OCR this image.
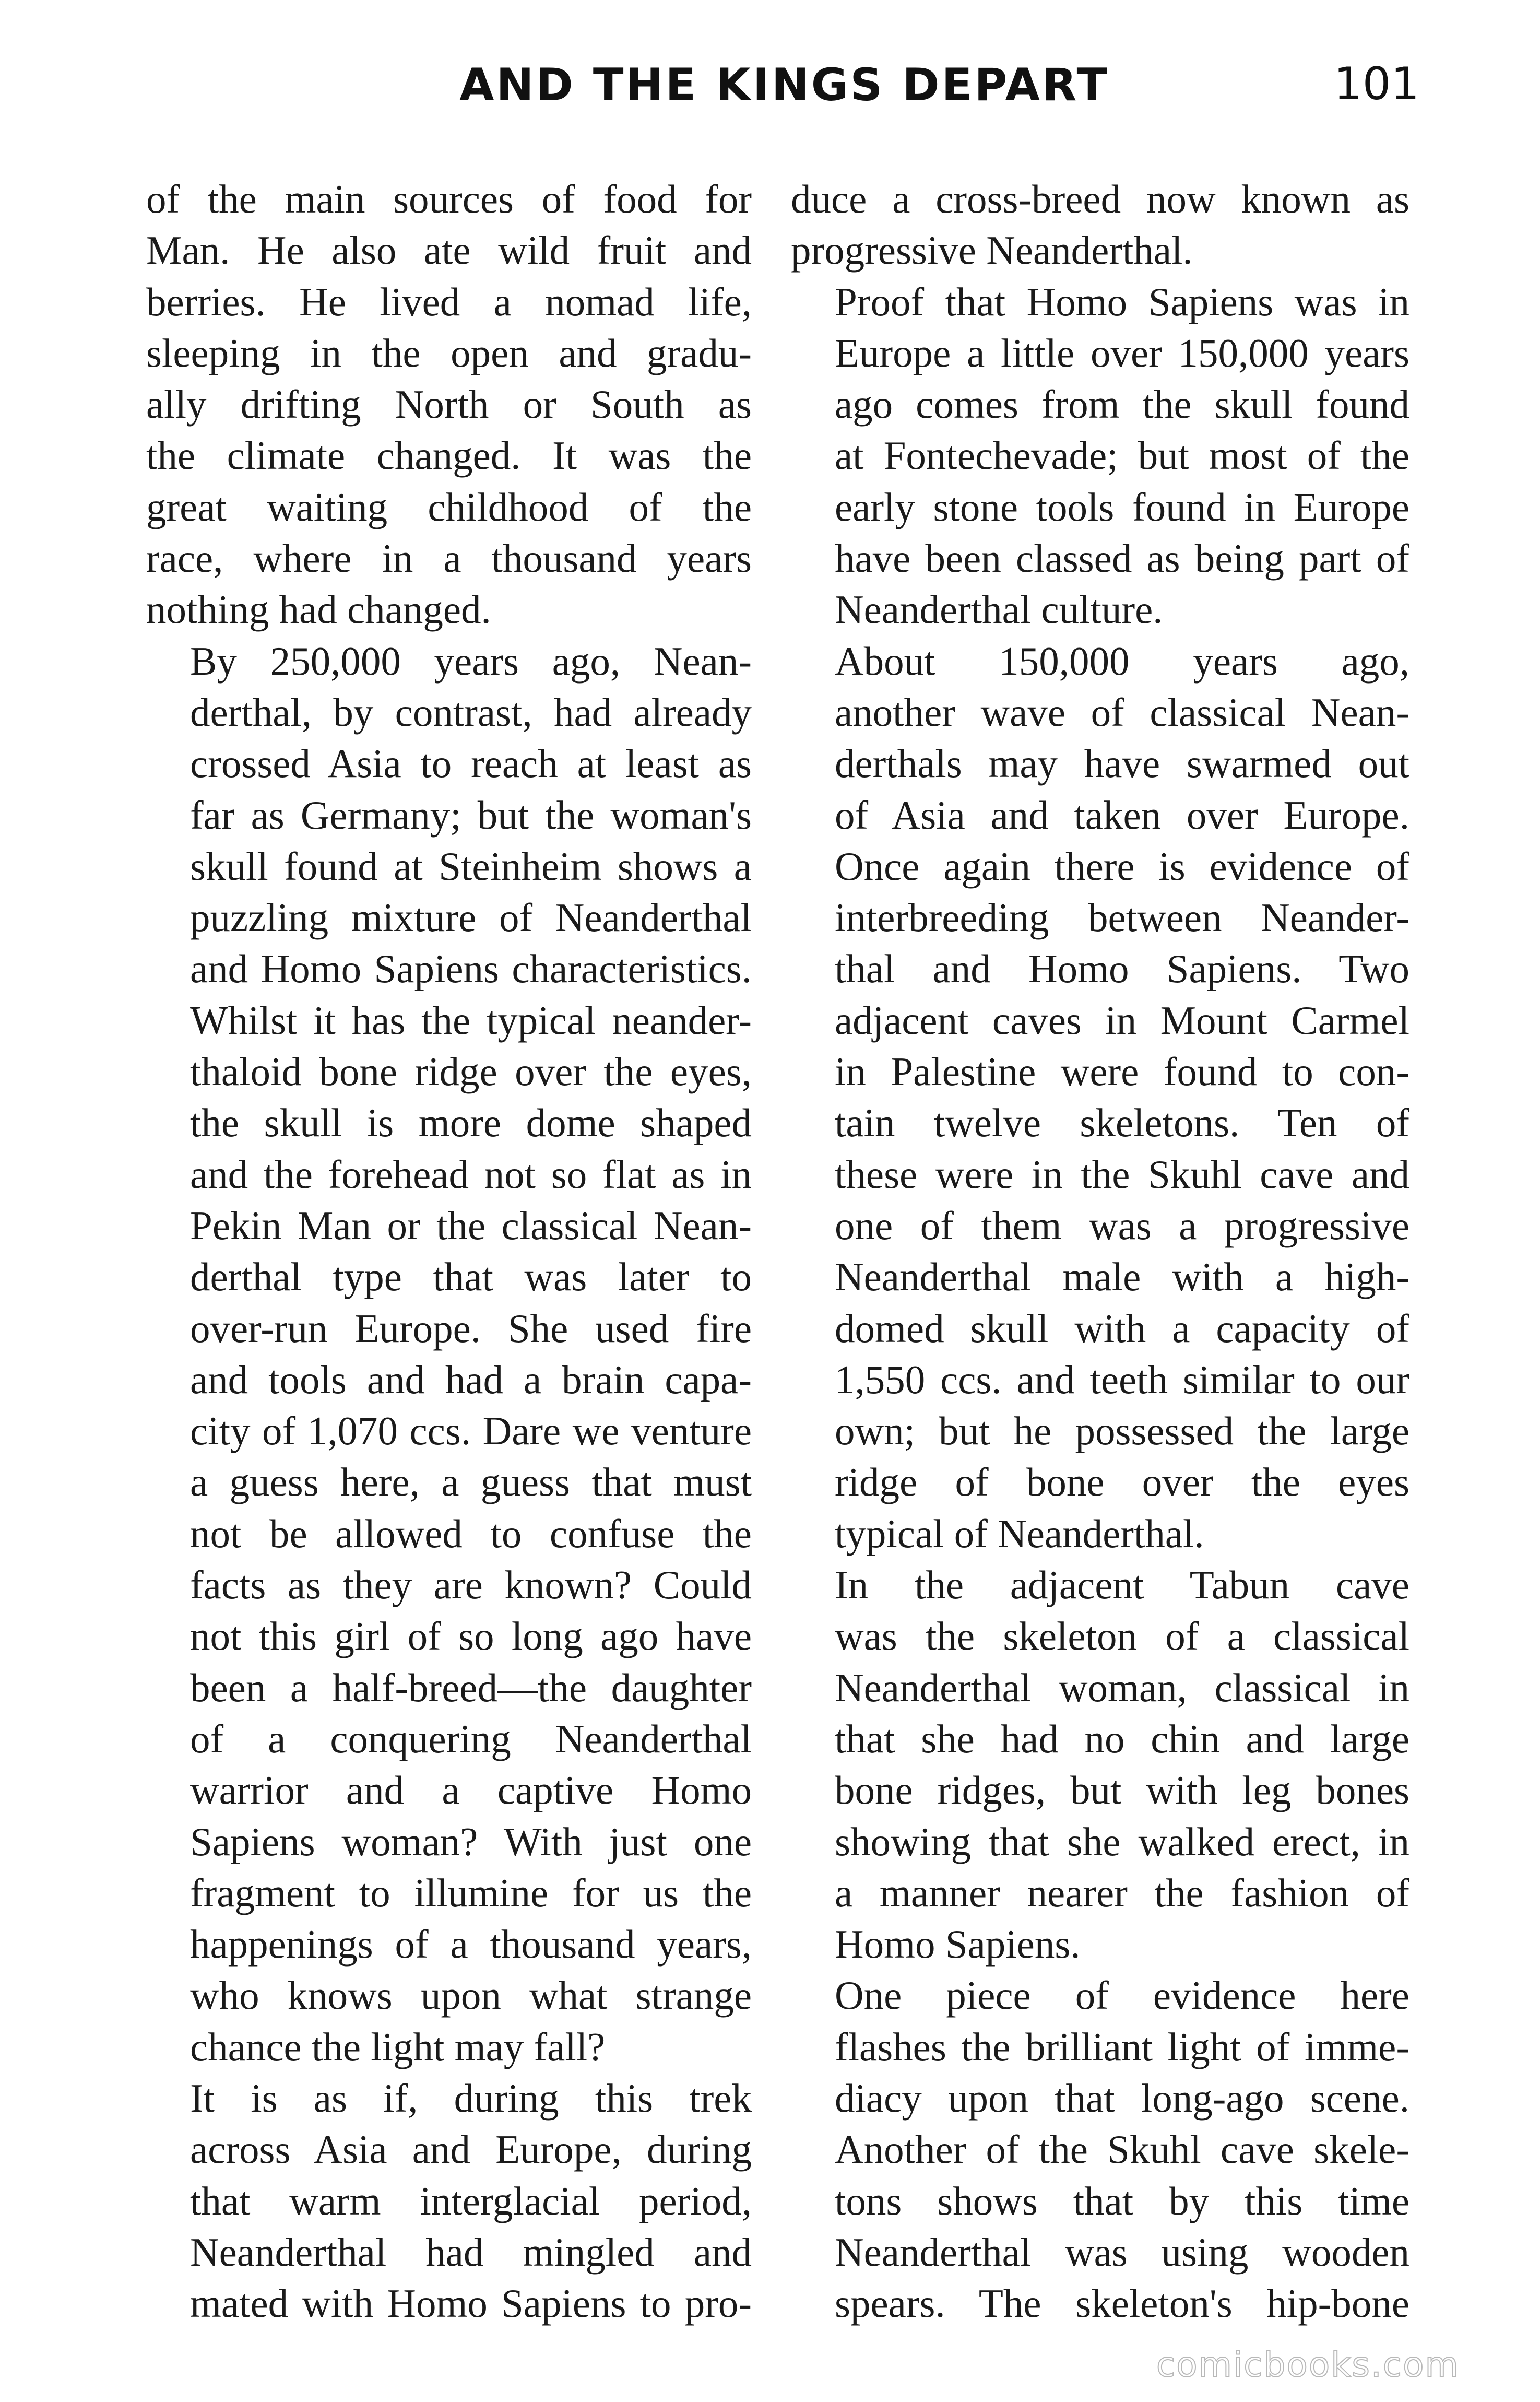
AND THE KINGS DEPART	101
of the main sources of food for
Man. He also ate wild fruit and
berries. He lived a nomad life,
sleeping in the open and gradu-
ally drifting North or South as
the climate changed. It was the
great waiting childhood of the
race, where in a thousand years
nothing had changed.
By 250,000 years ago, Nean-
derthal, by contrast, had already
crossed Asia to reach at least as
far as Germany; but the woman's
skull found at Steinheim shows a
puzzling mixture of Neanderthal
and Homo Sapiens characteristics.
Whilst it has the typical neander-
thaloid bone ridge over the eyes,
the skull is more dome shaped
and the forehead not so flat as in
Pekin Man or the classical Nean-
derthal type that was later to
over-run Europe. She used fire
and tools and had a brain capa-
city of 1,070 ccs. Dare we venture
a guess here, a guess that must
not be allowed to confuse the
facts as they are known? Could
not this girl of so long ago have
been a half-breed—the daughter
of a conquering Neanderthal
warrior and a captive Homo
Sapiens woman? With just one
fragment to illumine for us the
happenings of a thousand years,
who knows upon what strange
chance the light may fall?
It is as if, during this trek
across Asia and Europe, during
that warm interglacial period,
Neanderthal had mingled and
mated with Homo Sapiens to pro-
duce a cross-breed now known as
progressive Neanderthal.
Proof that Homo Sapiens was in
Europe a little over 150,000 years
ago comes from the skull found
at Fontechevade; but most of the
early stone tools found in Europe
have been classed as being part of
Neanderthal culture.
About 150,000 years ago,
another wave of classical Nean-
derthals may have swarmed out
of Asia and taken over Europe.
Once again there is evidence of
interbreeding between Neander-
thal and Homo Sapiens. Two
adjacent caves in Mount Carmel
in Palestine were found to con-
tain twelve skeletons. Ten of
these were in the Skuhl cave and
one of them was a progressive
Neanderthal male with a high-
domed skull with a capacity of
1,550 ccs. and teeth similar to our
own; but he possessed the large
ridge of bone over the eyes
typical of Neanderthal.
In the adjacent Tabun cave
was the skeleton of a classical
Neanderthal woman, classical in
that she had no chin and large
bone ridges, but with leg bones
showing that she walked erect, in
a manner nearer the fashion of
Homo Sapiens.
One piece of evidence here
flashes the brilliant light of imme-
diacy upon that long-ago scene.
Another of the Skuhl cave skele-
tons shows that by this time
Neanderthal was using wooden
spears. The skeleton's hip-bone
comicbooks.com
